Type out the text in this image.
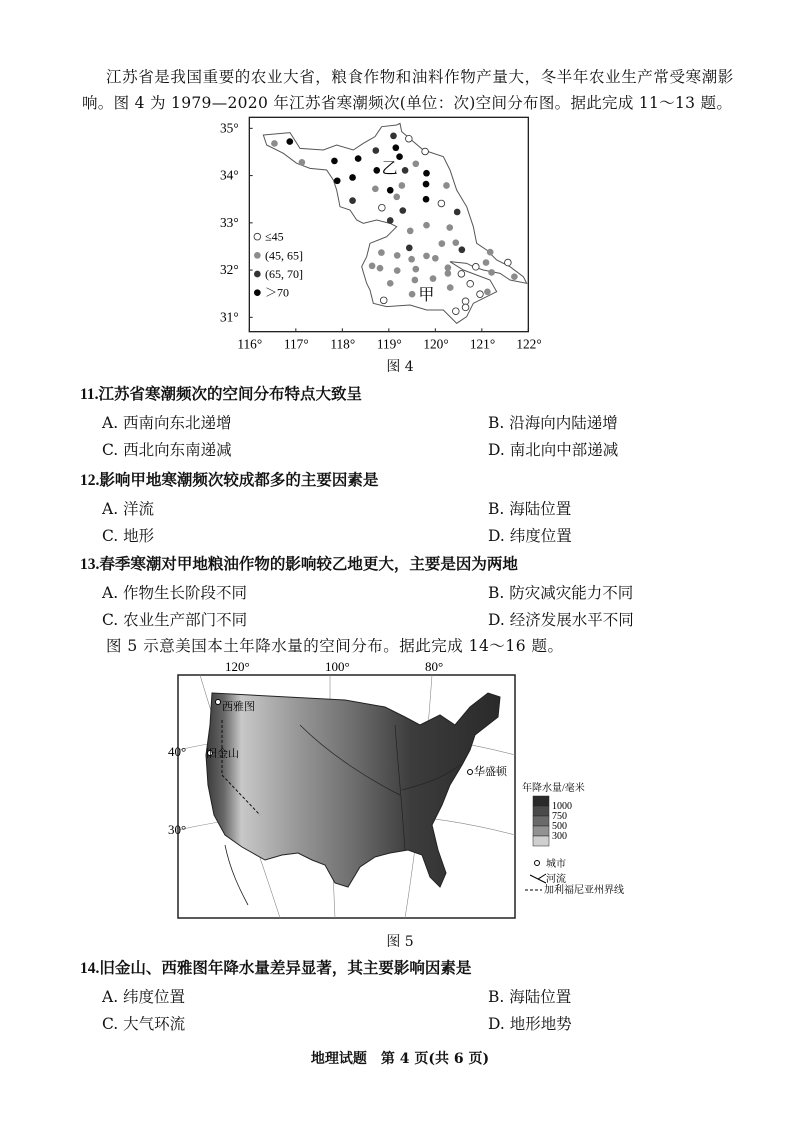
江苏省是我国重要的农业大省，粮食作物和油料作物产量大，冬半年农业生产常受寒潮影
响。图 4 为 1979—2020 年江苏省寒潮频次(单位：次)空间分布图。据此完成 11～13 题。
116° 117° 118° 119° 120° 121° 122°
35°
34°
33°
32°
31°
乙
甲
≤45
(45, 65]
(65, 70]
＞70
图 4
11.江苏省寒潮频次的空间分布特点大致呈
A. 西南向东北递增	B. 沿海向内陆递增
C. 西北向东南递减	D. 南北向中部递减
12.影响甲地寒潮频次较成都多的主要因素是
A. 洋流	B. 海陆位置
C. 地形	D. 纬度位置
13.春季寒潮对甲地粮油作物的影响较乙地更大，主要是因为两地
A. 作物生长阶段不同	B. 防灾减灾能力不同
C. 农业生产部门不同	D. 经济发展水平不同
图 5 示意美国本土年降水量的空间分布。据此完成 14～16 题。
120°	100°	80°
40°
30°
西雅图
旧金山
华盛顿
年降水量/毫米
1000
750
500
300
城市
河流
加利福尼亚州界线
图 5
14.旧金山、西雅图年降水量差异显著，其主要影响因素是
A. 纬度位置	B. 海陆位置
C. 大气环流	D. 地形地势
地理试题　第 4 页(共 6 页)
